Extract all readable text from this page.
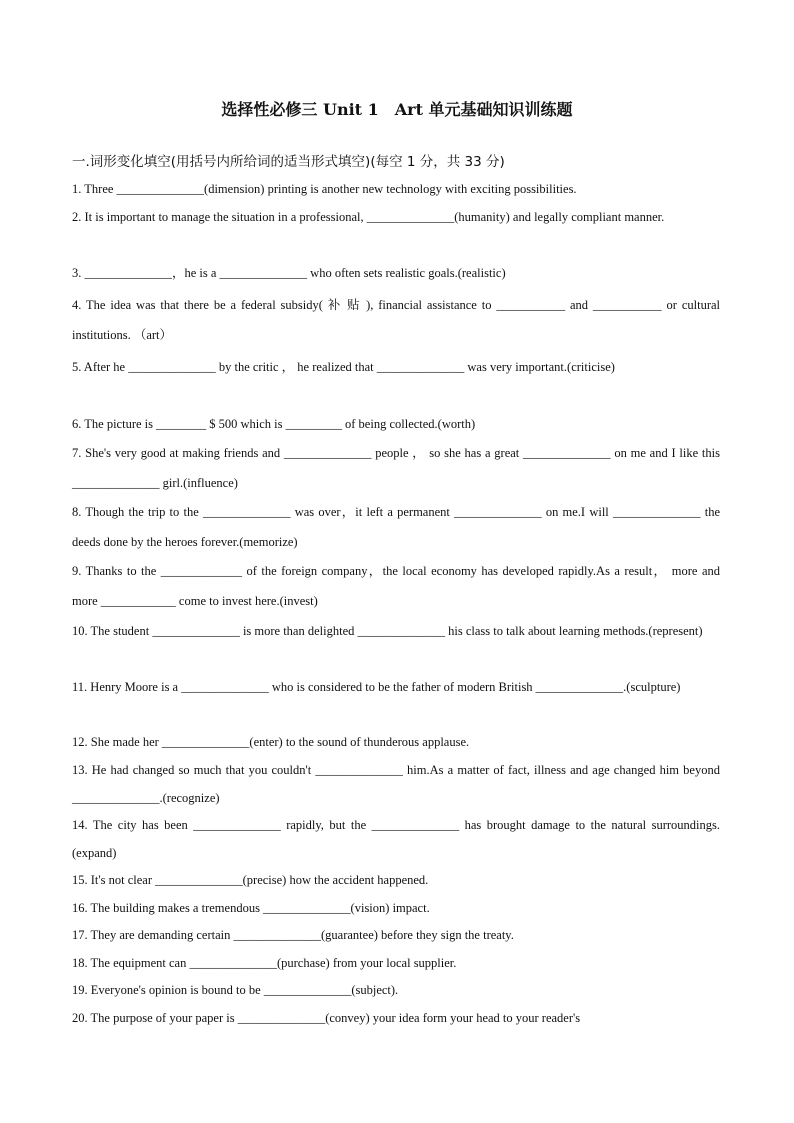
选择性必修三 Unit 1　Art 单元基础知识训练题
一.词形变化填空(用括号内所给词的适当形式填空)(每空 1 分，共 33 分)
1. Three ______________(dimension) printing is another new technology with exciting possibilities.
2. It is important to manage the situation in a professional, ______________(humanity) and legally compliant manner.
3. ______________，he is a ______________ who often sets realistic goals.(realistic)
4. The idea was that there be a federal subsidy( 补 贴 ), financial assistance to ___________ and ___________ or cultural institutions. （art）
5. After he ______________ by the critic ， he realized that ______________ was very important.(criticise)
6. The picture is ________ $ 500 which is _________ of being collected.(worth)
7. She's very good at making friends and ______________ people ， so she has a great ______________ on me and I like this ______________ girl.(influence)
8. Though the trip to the ______________ was over，it left a permanent ______________ on me.I will ______________ the deeds done by the heroes forever.(memorize)
9. Thanks to the _____________ of the foreign company，the local economy has developed rapidly.As a result， more and more ____________ come to invest here.(invest)
10. The student ______________ is more than delighted ______________ his class to talk about learning methods.(represent)
11. Henry Moore is a ______________ who is considered to be the father of modern British ______________.(sculpture)
12. She made her ______________(enter) to the sound of thunderous applause.
13. He had changed so much that you couldn't ______________ him.As a matter of fact, illness and age changed him beyond ______________.(recognize)
14. The city has been ______________ rapidly, but the ______________ has brought damage to the natural surroundings.(expand)
15. It's not clear ______________(precise) how the accident happened.
16. The building makes a tremendous ______________(vision) impact.
17. They are demanding certain ______________(guarantee) before they sign the treaty.
18. The equipment can ______________(purchase) from your local supplier.
19. Everyone's opinion is bound to be ______________(subject).
20. The purpose of your paper is ______________(convey) your idea form your head to your reader's
